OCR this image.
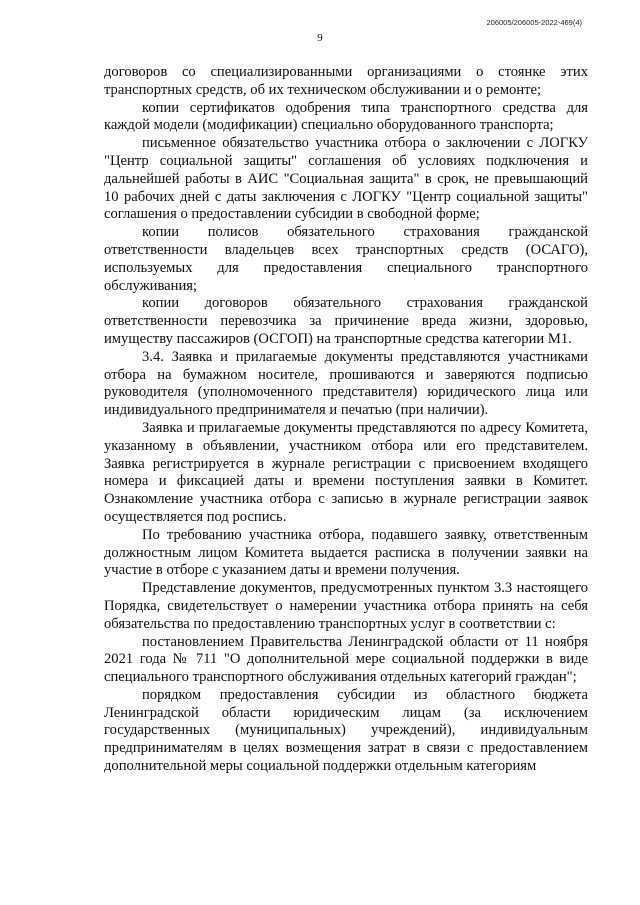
206005/206005-2022-469(4)
9

договоров со специализированными организациями о стоянке этих транспортных средств, об их техническом обслуживании и о ремонте;

копии сертификатов одобрения типа транспортного средства для каждой модели (модификации) специально оборудованного транспорта;

письменное обязательство участника отбора о заключении с ЛОГКУ "Центр социальной защиты" соглашения об условиях подключения и дальнейшей работы в АИС "Социальная защита" в срок, не превышающий 10 рабочих дней с даты заключения с ЛОГКУ "Центр социальной защиты" соглашения о предоставлении субсидии в свободной форме;

копии полисов обязательного страхования гражданской ответственности владельцев всех транспортных средств (ОСАГО), используемых для предоставления специального транспортного обслуживания;

копии договоров обязательного страхования гражданской ответственности перевозчика за причинение вреда жизни, здоровью, имуществу пассажиров (ОСГОП) на транспортные средства категории М1.

3.4. Заявка и прилагаемые документы представляются участниками отбора на бумажном носителе, прошиваются и заверяются подписью руководителя (уполномоченного представителя) юридического лица или индивидуального предпринимателя и печатью (при наличии).

Заявка и прилагаемые документы представляются по адресу Комитета, указанному в объявлении, участником отбора или его представителем. Заявка регистрируется в журнале регистрации с присвоением входящего номера и фиксацией даты и времени поступления заявки в Комитет. Ознакомление участника отбора с записью в журнале регистрации заявок осуществляется под роспись.

По требованию участника отбора, подавшего заявку, ответственным должностным лицом Комитета выдается расписка в получении заявки на участие в отборе с указанием даты и времени получения.

Представление документов, предусмотренных пунктом 3.3 настоящего Порядка, свидетельствует о намерении участника отбора принять на себя обязательства по предоставлению транспортных услуг в соответствии с:

постановлением Правительства Ленинградской области от 11 ноября 2021 года № 711 "О дополнительной мере социальной поддержки в виде специального транспортного обслуживания отдельных категорий граждан";

порядком предоставления субсидии из областного бюджета Ленинградской области юридическим лицам (за исключением государственных (муниципальных) учреждений), индивидуальным предпринимателям в целях возмещения затрат в связи с предоставлением дополнительной меры социальной поддержки отдельным категориям
